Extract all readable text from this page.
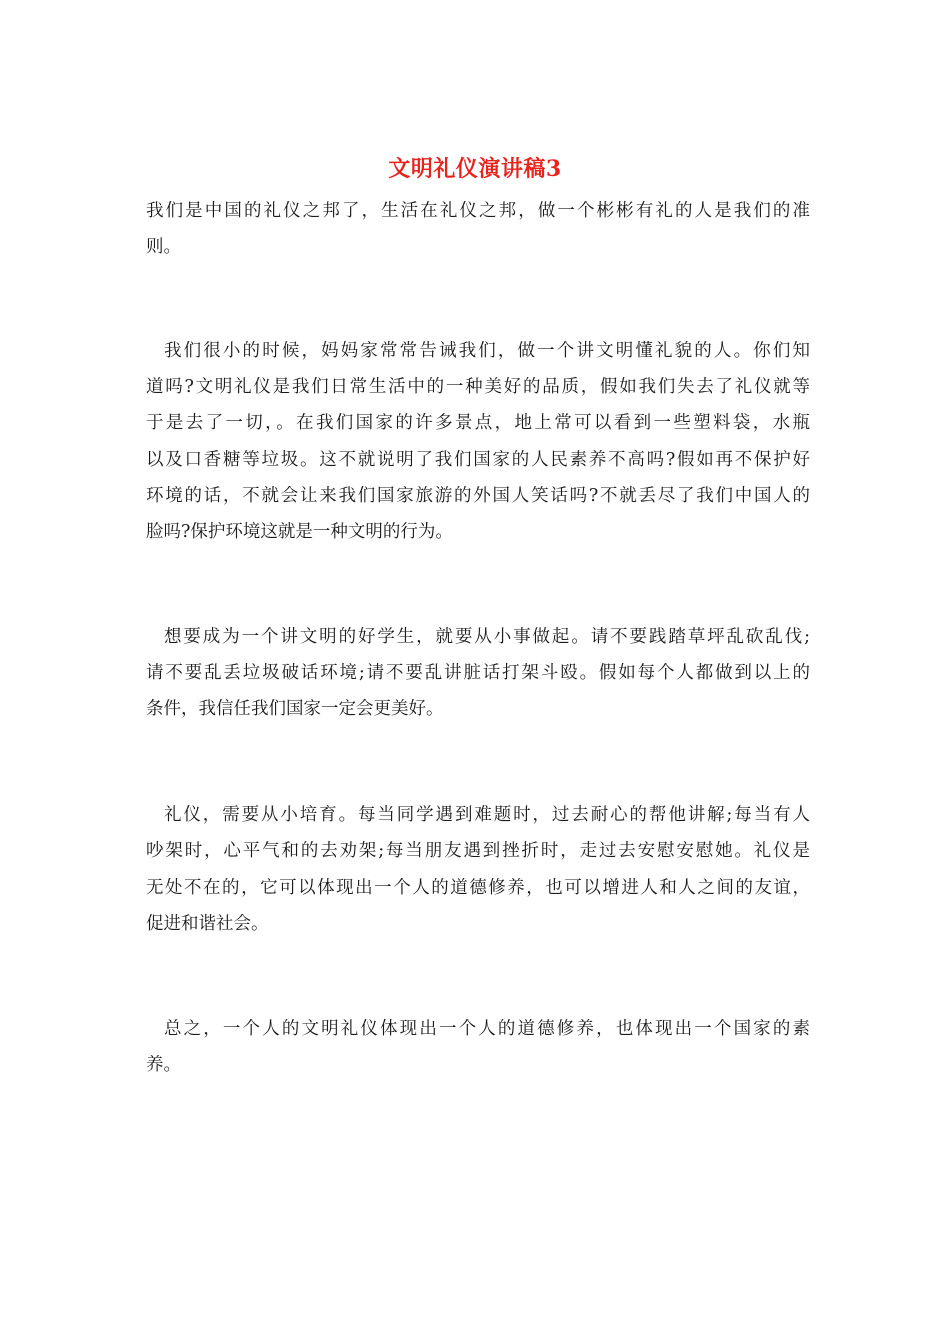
文明礼仪演讲稿3
我们是中国的礼仪之邦了，生活在礼仪之邦，做一个彬彬有礼的人是我们的准
则。
我们很小的时候，妈妈家常常告诫我们，做一个讲文明懂礼貌的人。你们知
道吗?文明礼仪是我们日常生活中的一种美好的品质，假如我们失去了礼仪就等
于是去了一切，。在我们国家的许多景点，地上常可以看到一些塑料袋，水瓶
以及口香糖等垃圾。这不就说明了我们国家的人民素养不高吗?假如再不保护好
环境的话，不就会让来我们国家旅游的外国人笑话吗?不就丢尽了我们中国人的
脸吗?保护环境这就是一种文明的行为。
想要成为一个讲文明的好学生，就要从小事做起。请不要践踏草坪乱砍乱伐;
请不要乱丢垃圾破话环境;请不要乱讲脏话打架斗殴。假如每个人都做到以上的
条件，我信任我们国家一定会更美好。
礼仪，需要从小培育。每当同学遇到难题时，过去耐心的帮他讲解;每当有人
吵架时，心平气和的去劝架;每当朋友遇到挫折时，走过去安慰安慰她。礼仪是
无处不在的，它可以体现出一个人的道德修养，也可以增进人和人之间的友谊，
促进和谐社会。
总之，一个人的文明礼仪体现出一个人的道德修养，也体现出一个国家的素
养。
